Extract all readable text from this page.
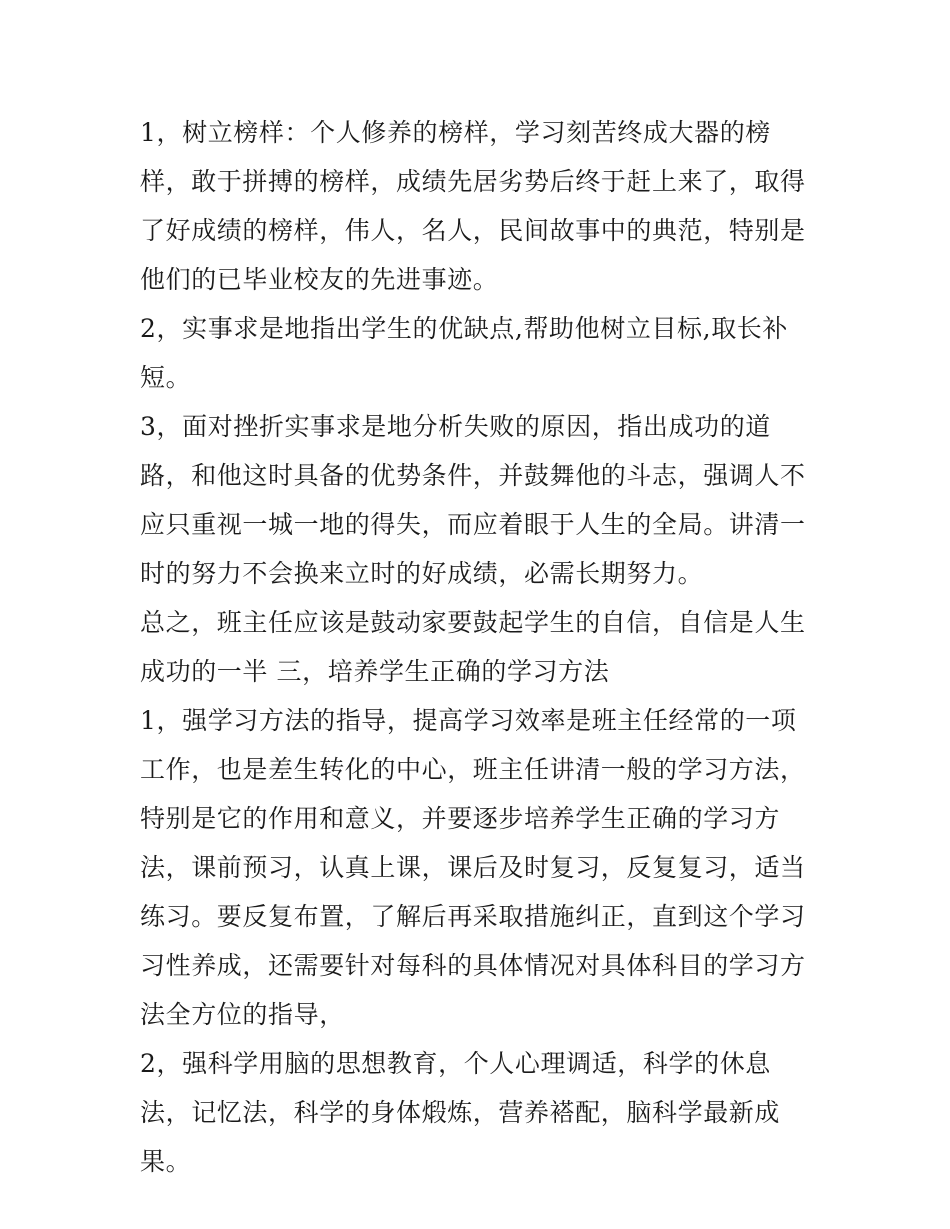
1，树立榜样：个人修养的榜样，学习刻苦终成大器的榜样，敢于拼搏的榜样，成绩先居劣势后终于赶上来了，取得了好成绩的榜样，伟人，名人，民间故事中的典范，特别是他们的已毕业校友的先进事迹。

2，实事求是地指出学生的优缺点,帮助他树立目标,取长补短。

3，面对挫折实事求是地分析失败的原因，指出成功的道路，和他这时具备的优势条件，并鼓舞他的斗志，强调人不应只重视一城一地的得失，而应着眼于人生的全局。讲清一时的努力不会换来立时的好成绩，必需长期努力。

总之，班主任应该是鼓动家要鼓起学生的自信，自信是人生成功的一半 三，培养学生正确的学习方法

1，强学习方法的指导，提高学习效率是班主任经常的一项工作，也是差生转化的中心，班主任讲清一般的学习方法，特别是它的作用和意义，并要逐步培养学生正确的学习方法，课前预习，认真上课，课后及时复习，反复复习，适当练习。要反复布置，了解后再采取措施纠正，直到这个学习习性养成，还需要针对每科的具体情况对具体科目的学习方法全方位的指导，

2，强科学用脑的思想教育，个人心理调适，科学的休息法，记忆法，科学的身体煅炼，营养褡配，脑科学最新成果。
